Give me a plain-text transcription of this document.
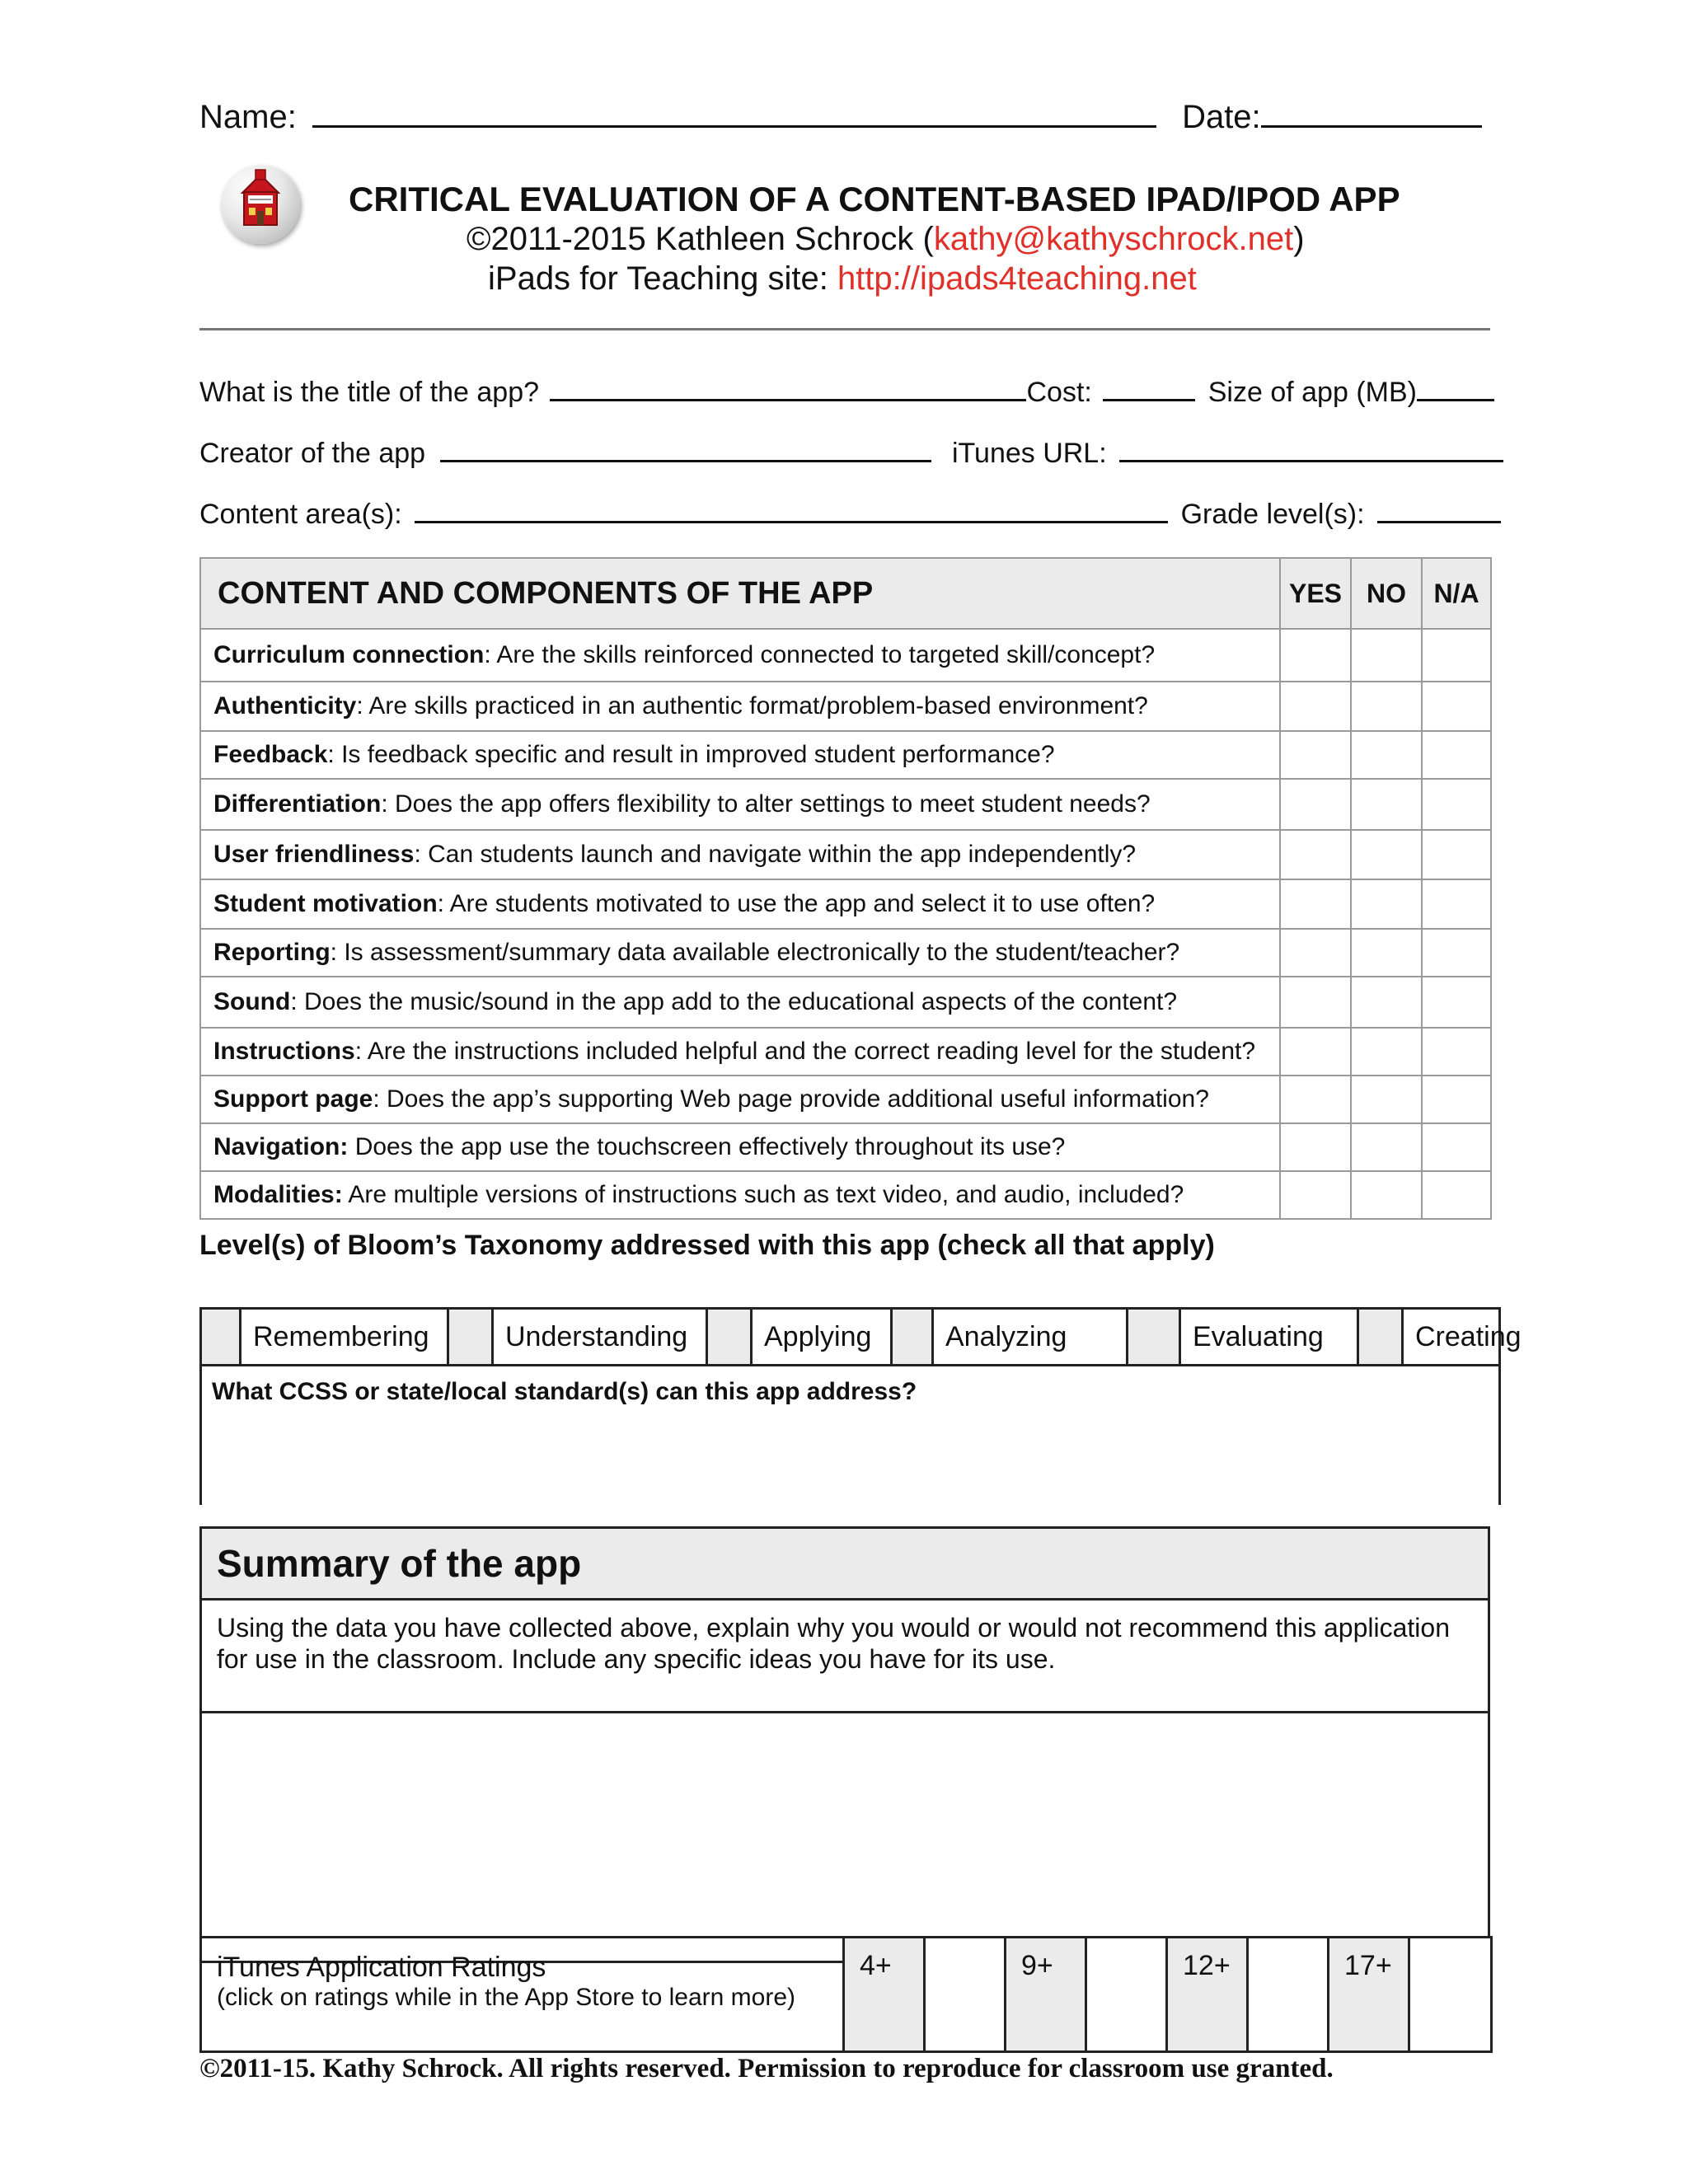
Name:	Date:
CRITICAL EVALUATION OF A CONTENT-BASED IPAD/IPOD APP
©2011-2015 Kathleen Schrock (kathy@kathyschrock.net)
iPads for Teaching site: http://ipads4teaching.net
What is the title of the app?	Cost:	Size of app (MB)
Creator of the app	iTunes URL:
Content area(s):	Grade level(s):
CONTENT AND COMPONENTS OF THE APP	YES	NO	N/A
Curriculum connection: Are the skills reinforced connected to targeted skill/concept?			
Authenticity: Are skills practiced in an authentic format/problem-based environment?			
Feedback: Is feedback specific and result in improved student performance?			
Differentiation: Does the app offers flexibility to alter settings to meet student needs?			
User friendliness: Can students launch and navigate within the app independently?			
Student motivation: Are students motivated to use the app and select it to use often?			
Reporting: Is assessment/summary data available electronically to the student/teacher?			
Sound: Does the music/sound in the app add to the educational aspects of the content?			
Instructions: Are the instructions included helpful and the correct reading level for the student?			
Support page: Does the app’s supporting Web page provide additional useful information?			
Navigation: Does the app use the touchscreen effectively throughout its use?			
Modalities: Are multiple versions of instructions such as text video, and audio, included?			
Level(s) of Bloom’s Taxonomy addressed with this app (check all that apply)
	Remembering		Understanding		Applying		Analyzing		Evaluating		Creating
What CCSS or state/local standard(s) can this app address?
Summary of the app
Using the data you have collected above, explain why you would or would not recommend this application for use in the classroom. Include any specific ideas you have for its use.

iTunes Application Ratings
(click on ratings while in the App Store to learn more)
	4+		9+		12+		17+	
©2011-15. Kathy Schrock. All rights reserved. Permission to reproduce for classroom use granted.
